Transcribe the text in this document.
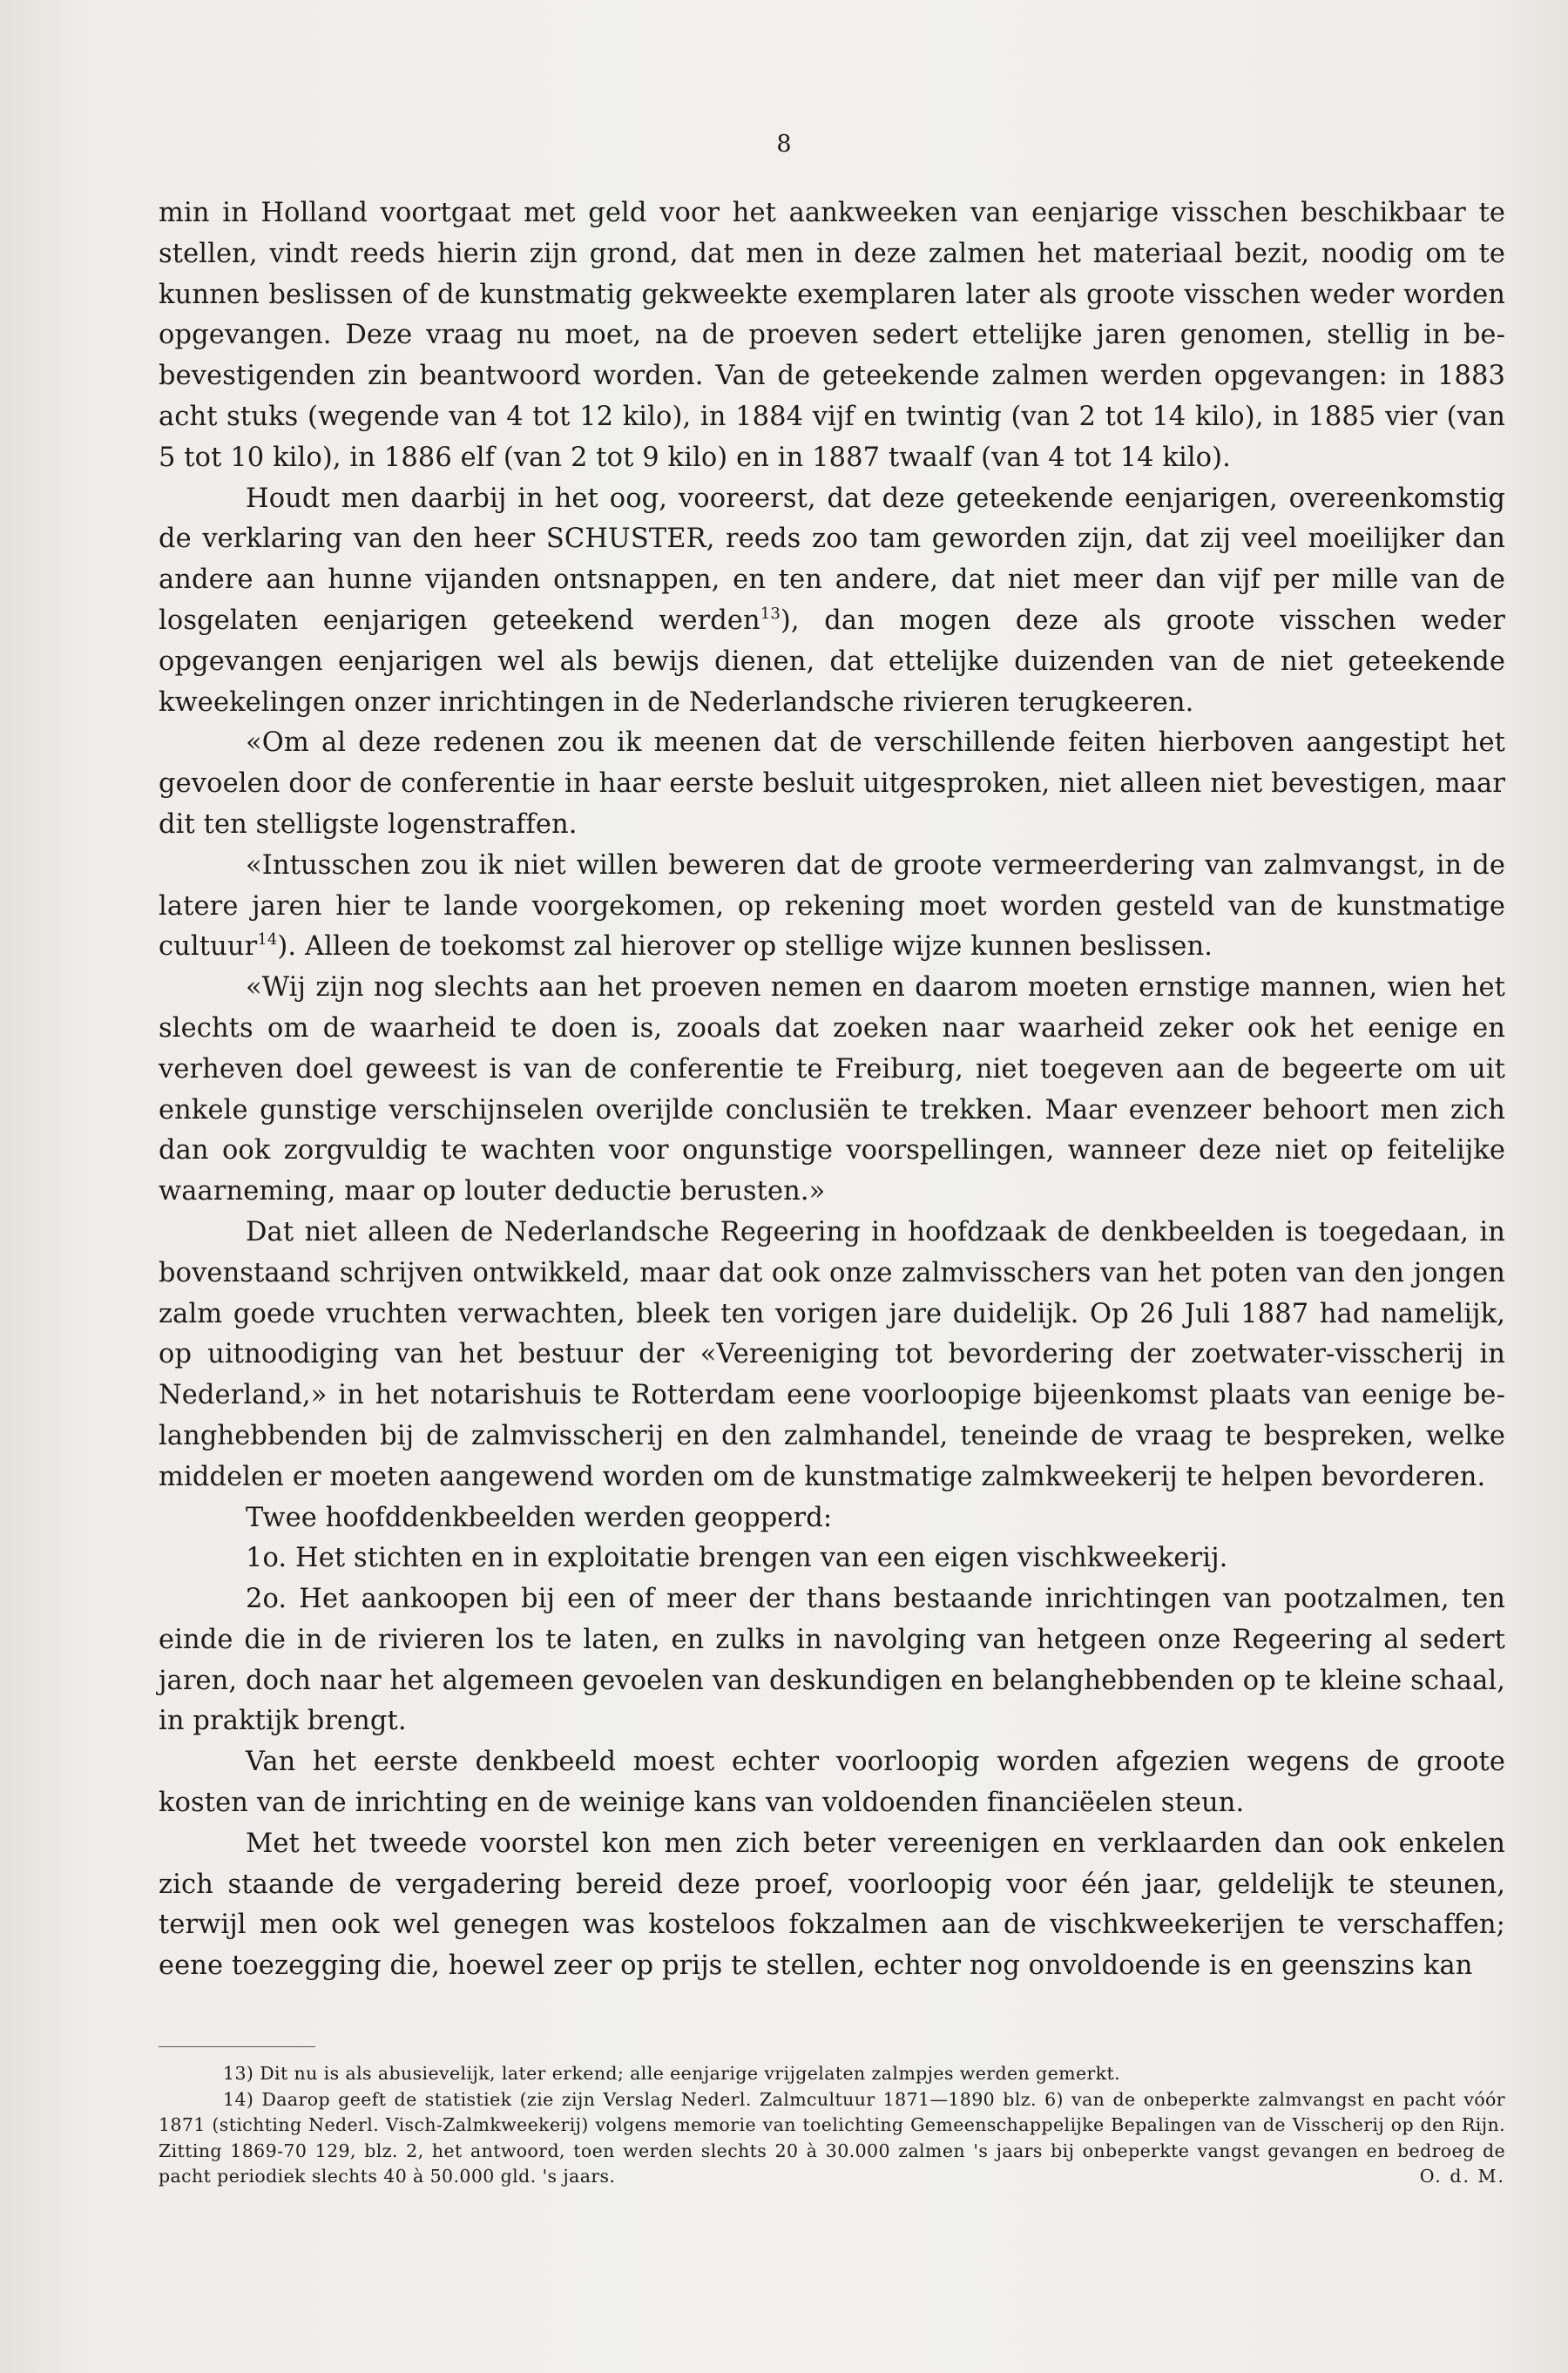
8

min in Holland voortgaat met geld voor het aankweeken van eenjarige visschen beschikbaar te stellen, vindt reeds hierin zijn grond, dat men in deze zalmen het materiaal bezit, noodig om te kunnen beslissen of de kunstmatig gekweekte exemplaren later als groote visschen weder worden opgevangen. Deze vraag nu moet, na de proeven sedert ettelijke jaren genomen, stellig in be-bevestigenden zin beantwoord worden. Van de geteekende zalmen werden opgevangen: in 1883 acht stuks (wegende van 4 tot 12 kilo), in 1884 vijf en twintig (van 2 tot 14 kilo), in 1885 vier (van 5 tot 10 kilo), in 1886 elf (van 2 tot 9 kilo) en in 1887 twaalf (van 4 tot 14 kilo).

Houdt men daarbij in het oog, vooreerst, dat deze geteekende eenjarigen, overeenkomstig de verklaring van den heer SCHUSTER, reeds zoo tam geworden zijn, dat zij veel moeilijker dan andere aan hunne vijanden ontsnappen, en ten andere, dat niet meer dan vijf per mille van de losgelaten eenjarigen geteekend werden$^{13}$), dan mogen deze als groote visschen weder opgevangen eenjarigen wel als bewijs dienen, dat ettelijke duizenden van de niet geteekende kweekelingen onzer inrichtingen in de Nederlandsche rivieren terugkeeren.

«Om al deze redenen zou ik meenen dat de verschillende feiten hierboven aangestipt het gevoelen door de conferentie in haar eerste besluit uitgesproken, niet alleen niet bevestigen, maar dit ten stelligste logenstraffen.

«Intusschen zou ik niet willen beweren dat de groote vermeerdering van zalmvangst, in de latere jaren hier te lande voorgekomen, op rekening moet worden gesteld van de kunstmatige cultuur$^{14}$). Alleen de toekomst zal hierover op stellige wijze kunnen beslissen.

«Wij zijn nog slechts aan het proeven nemen en daarom moeten ernstige mannen, wien het slechts om de waarheid te doen is, zooals dat zoeken naar waarheid zeker ook het eenige en verheven doel geweest is van de conferentie te Freiburg, niet toegeven aan de begeerte om uit enkele gunstige verschijnselen overijlde conclusiën te trekken. Maar evenzeer behoort men zich dan ook zorgvuldig te wachten voor ongunstige voorspellingen, wanneer deze niet op feitelijke waarneming, maar op louter deductie berusten.»

Dat niet alleen de Nederlandsche Regeering in hoofdzaak de denkbeelden is toegedaan, in bovenstaand schrijven ontwikkeld, maar dat ook onze zalmvisschers van het poten van den jongen zalm goede vruchten verwachten, bleek ten vorigen jare duidelijk. Op 26 Juli 1887 had namelijk, op uitnoodiging van het bestuur der «Vereeniging tot bevordering der zoetwater-visscherij in Nederland,» in het notarishuis te Rotterdam eene voorloopige bijeenkomst plaats van eenige be-langhebbenden bij de zalmvisscherij en den zalmhandel, teneinde de vraag te bespreken, welke middelen er moeten aangewend worden om de kunstmatige zalmkweekerij te helpen bevorderen.

Twee hoofddenkbeelden werden geopperd:

1o. Het stichten en in exploitatie brengen van een eigen vischkweekerij.

2o. Het aankoopen bij een of meer der thans bestaande inrichtingen van pootzalmen, ten einde die in de rivieren los te laten, en zulks in navolging van hetgeen onze Regeering al sedert jaren, doch naar het algemeen gevoelen van deskundigen en belanghebbenden op te kleine schaal, in praktijk brengt.

Van het eerste denkbeeld moest echter voorloopig worden afgezien wegens de groote kosten van de inrichting en de weinige kans van voldoenden financiëelen steun.

Met het tweede voorstel kon men zich beter vereenigen en verklaarden dan ook enkelen zich staande de vergadering bereid deze proef, voorloopig voor één jaar, geldelijk te steunen, terwijl men ook wel genegen was kosteloos fokzalmen aan de vischkweekerijen te verschaffen; eene toezegging die, hoewel zeer op prijs te stellen, echter nog onvoldoende is en geenszins kan

13) Dit nu is als abusievelijk, later erkend; alle eenjarige vrijgelaten zalmpjes werden gemerkt.

14) Daarop geeft de statistiek (zie zijn Verslag Nederl. Zalmcultuur 1871—1890 blz. 6) van de onbeperkte zalmvangst en pacht vóór 1871 (stichting Nederl. Visch-Zalmkweekerij) volgens memorie van toelichting Gemeenschappelijke Bepalingen van de Visscherij op den Rijn. Zitting 1869-70 129, blz. 2, het antwoord, toen werden slechts 20 à 30.000 zalmen 's jaars bij onbeperkte vangst gevangen en bedroeg de pacht periodiek slechts 40 à 50.000 gld. 's jaars.	O. d. M.
